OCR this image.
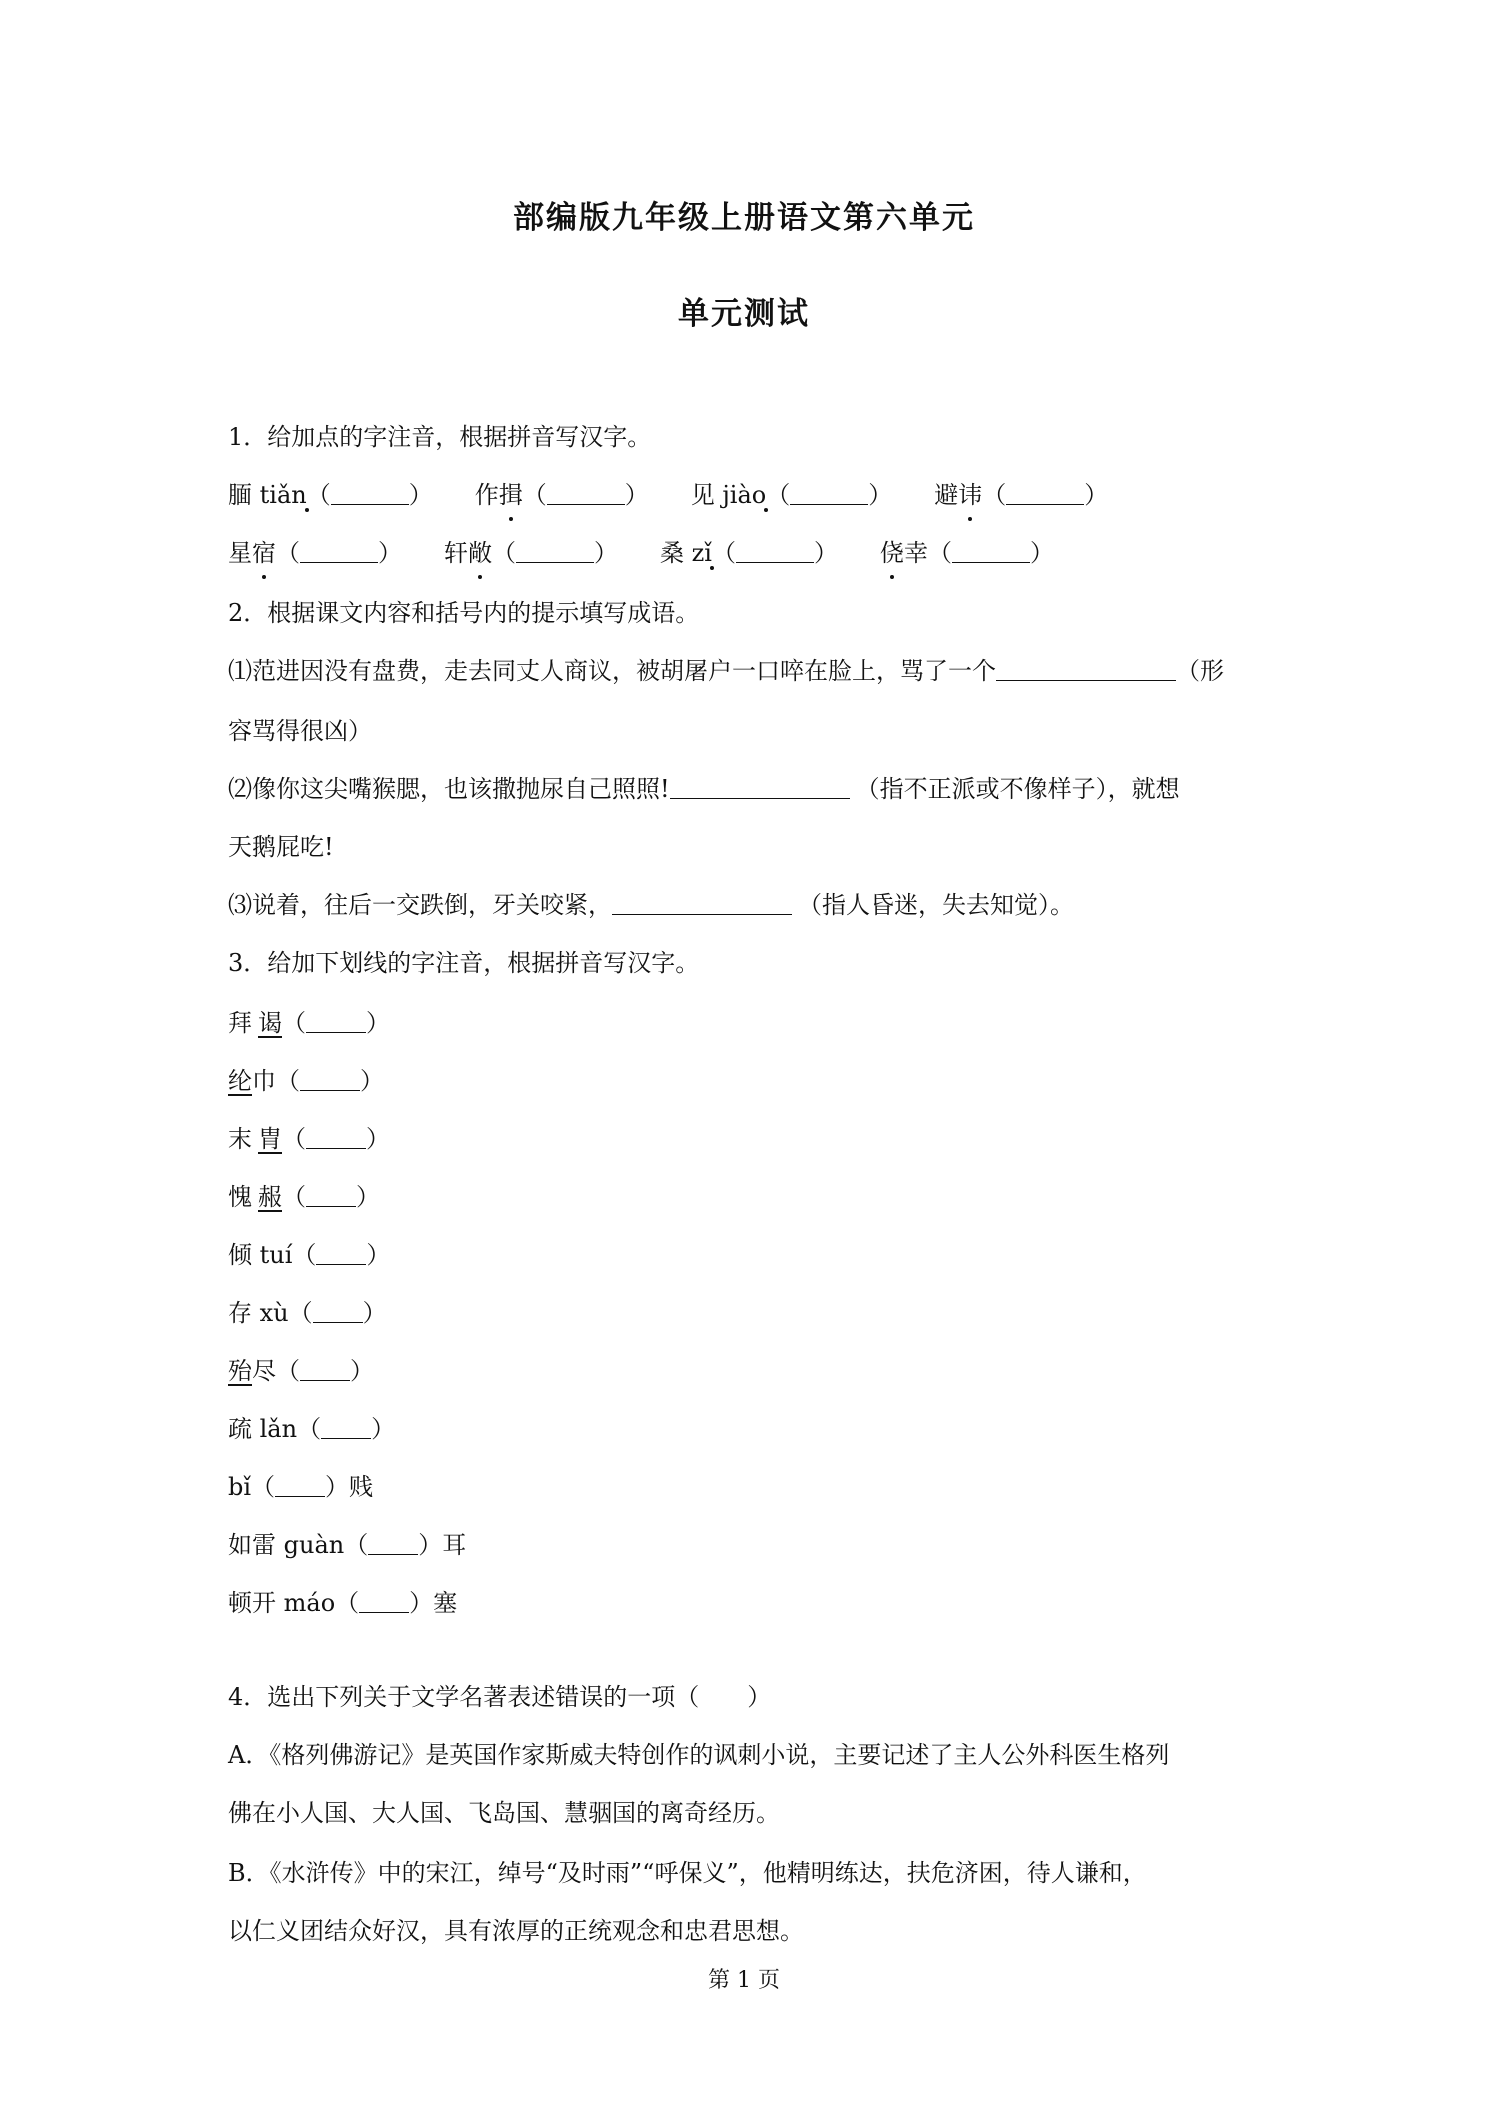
部编版九年级上册语文第六单元
单元测试
1．给加点的字注音，根据拼音写汉字。
腼 tiǎn（	） 作揖（	） 见 jiào（	） 避讳（	）
星宿（	） 轩敞（	） 桑 zǐ（	） 侥幸（	）
2．根据课文内容和括号内的提示填写成语。
⑴范进因没有盘费，走去同丈人商议，被胡屠户一口啐在脸上，骂了一个	（形
容骂得很凶）
⑵像你这尖嘴猴腮，也该撒抛尿自己照照!	（指不正派或不像样子），就想
天鹅屁吃!
⑶说着，往后一交跌倒，牙关咬紧，	（指人昏迷，失去知觉）。
3．给加下划线的字注音，根据拼音写汉字。
拜 谒（	）
纶巾（	）
末 胄（	）
愧 赧（ ）
倾 tuí（ ）
存 xù（ ）
殆尽（ ）
疏 lǎn（ ）
bǐ（ ）贱
如雷 guàn（ ）耳
顿开 máo（ ）塞
4．选出下列关于文学名著表述错误的一项（　　）
A．《格列佛游记》是英国作家斯威夫特创作的讽刺小说，主要记述了主人公外科医生格列
佛在小人国、大人国、飞岛国、慧骃国的离奇经历。
B．《水浒传》中的宋江，绰号“及时雨”“呼保义”，他精明练达，扶危济困，待人谦和，
以仁义团结众好汉，具有浓厚的正统观念和忠君思想。
第 1 页
